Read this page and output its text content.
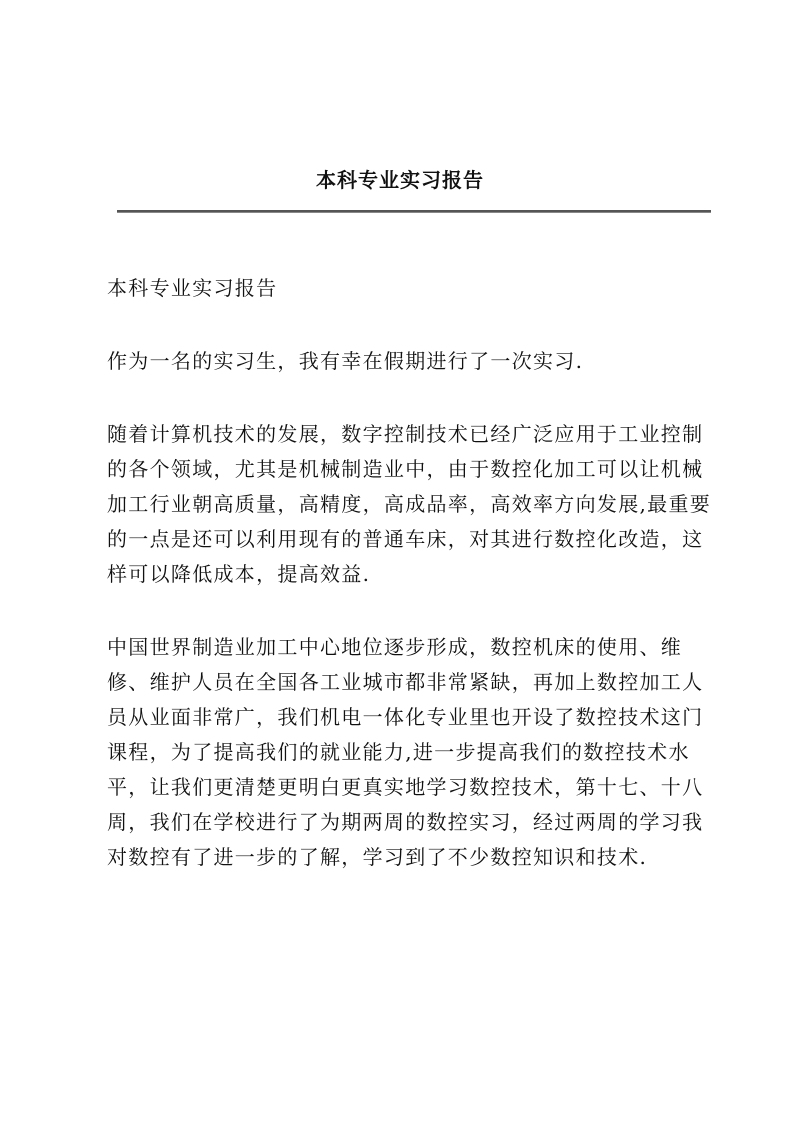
本科专业实习报告

本科专业实习报告

作为一名的实习生，我有幸在假期进行了一次实习.

随着计算机技术的发展，数字控制技术已经广泛应用于工业控制的各个领域，尤其是机械制造业中，由于数控化加工可以让机械加工行业朝高质量，高精度，高成品率，高效率方向发展,最重要的一点是还可以利用现有的普通车床，对其进行数控化改造，这样可以降低成本，提高效益.

中国世界制造业加工中心地位逐步形成，数控机床的使用、维修、维护人员在全国各工业城市都非常紧缺，再加上数控加工人员从业面非常广，我们机电一体化专业里也开设了数控技术这门课程，为了提高我们的就业能力,进一步提高我们的数控技术水平，让我们更清楚更明白更真实地学习数控技术，第十七、十八周，我们在学校进行了为期两周的数控实习，经过两周的学习我对数控有了进一步的了解，学习到了不少数控知识和技术.
